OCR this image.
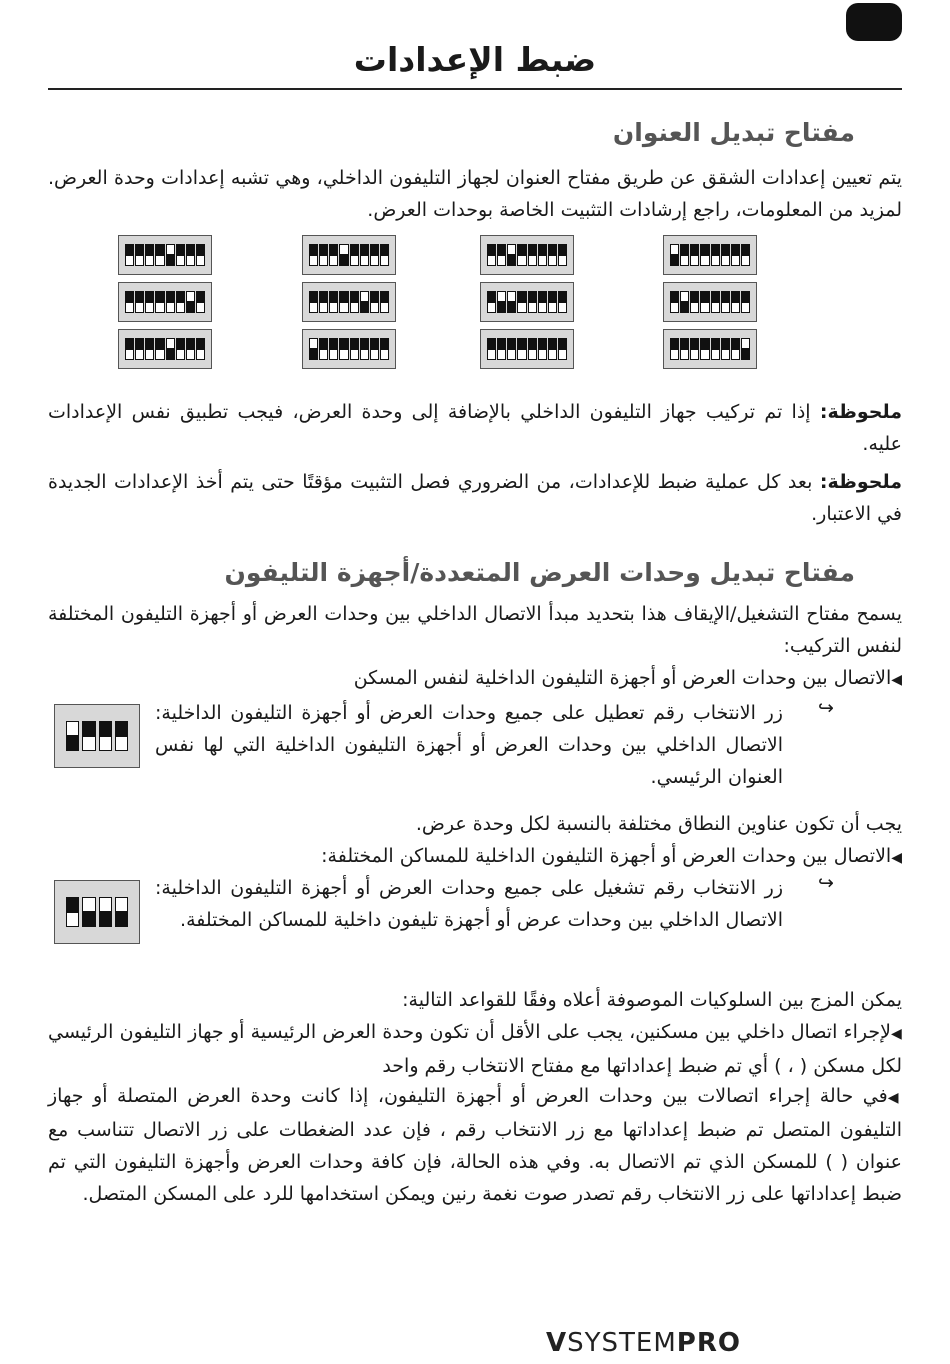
ضبط الإعدادات
مفتاح تبديل العنوان
يتم تعيين إعدادات الشقق عن طريق مفتاح العنوان لجهاز التليفون الداخلي، وهي تشبه إعدادات وحدة العرض. لمزيد من المعلومات، راجع إرشادات التثبيت الخاصة بوحدات العرض.
ملحوظة: إذا تم تركيب جهاز التليفون الداخلي بالإضافة إلى وحدة العرض، فيجب تطبيق نفس الإعدادات عليه.
ملحوظة: بعد كل عملية ضبط للإعدادات، من الضروري فصل التثبيت مؤقتًا حتى يتم أخذ الإعدادات الجديدة في الاعتبار.
مفتاح تبديل وحدات العرض المتعددة/أجهزة التليفون
يسمح مفتاح التشغيل/الإيقاف هذا بتحديد مبدأ الاتصال الداخلي بين وحدات العرض أو أجهزة التليفون المختلفة لنفس التركيب:
◀الاتصال بين وحدات العرض أو أجهزة التليفون الداخلية لنفس المسكن
زر الانتخاب رقم تعطيل على جميع وحدات العرض أو أجهزة التليفون الداخلية: الاتصال الداخلي بين وحدات العرض أو أجهزة التليفون الداخلية التي لها نفس العنوان الرئيسي.
↪
يجب أن تكون عناوين النطاق مختلفة بالنسبة لكل وحدة عرض.
◀الاتصال بين وحدات العرض أو أجهزة التليفون الداخلية للمساكن المختلفة:
زر الانتخاب رقم تشغيل على جميع وحدات العرض أو أجهزة التليفون الداخلية: الاتصال الداخلي بين وحدات عرض أو أجهزة تليفون داخلية للمساكن المختلفة.
↪
يمكن المزج بين السلوكيات الموصوفة أعلاه وفقًا للقواعد التالية:
◀لإجراء اتصال داخلي بين مسكنين، يجب على الأقل أن تكون وحدة العرض الرئيسية أو جهاز التليفون الرئيسي لكل مسكن ( ، ) أي تم ضبط إعداداتها مع مفتاح الانتخاب رقم واحد
◀في حالة إجراء اتصالات بين وحدات العرض أو أجهزة التليفون، إذا كانت وحدة العرض المتصلة أو جهاز التليفون المتصل تم ضبط إعداداتها مع زر الانتخاب رقم ، فإن عدد الضغطات على زر الاتصال تتناسب مع عنوان ( ) للمسكن الذي تم الاتصال به. وفي هذه الحالة، فإن كافة وحدات العرض وأجهزة التليفون التي تم ضبط إعداداتها على زر الانتخاب رقم تصدر صوت نغمة رنين ويمكن استخدامها للرد على المسكن المتصل.
VSYSTEMPRO
